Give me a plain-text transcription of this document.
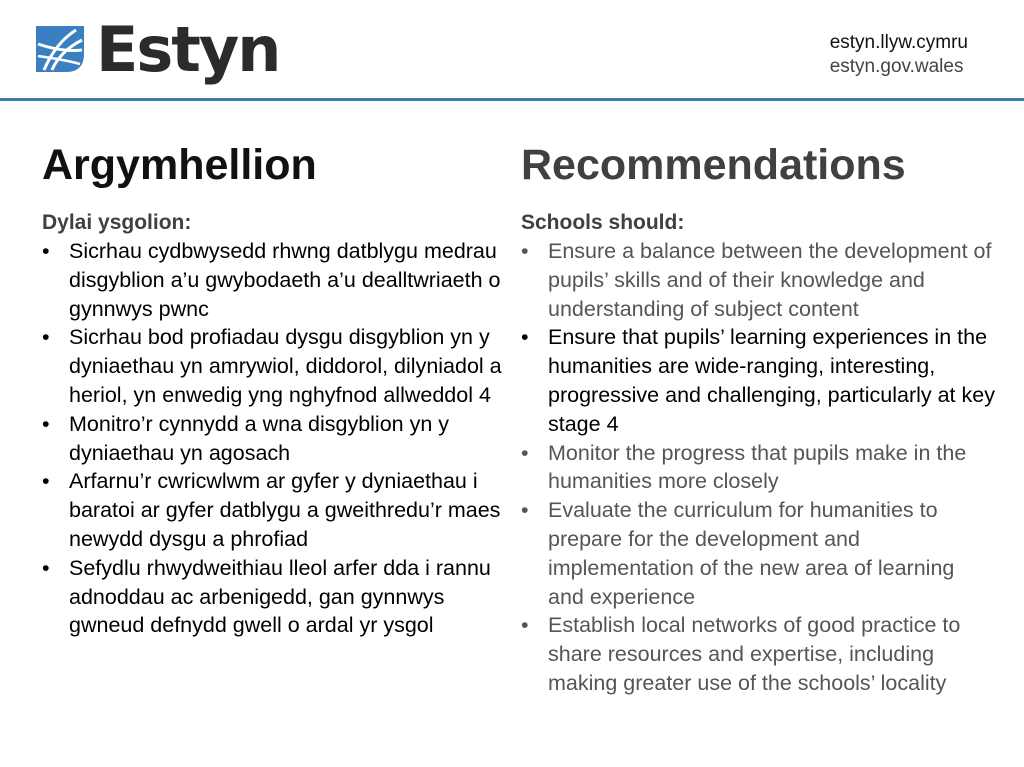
Estyn	estyn.llyw.cymru
estyn.gov.wales
Argymhellion

Dylai ysgolion:

• Sicrhau cydbwysedd rhwng datblygu medrau disgyblion a’u gwybodaeth a’u dealltwriaeth o gynnwys pwnc
• Sicrhau bod profiadau dysgu disgyblion yn y dyniaethau yn amrywiol, diddorol, dilyniadol a heriol, yn enwedig yng nghyfnod allweddol 4
• Monitro’r cynnydd a wna disgyblion yn y dyniaethau yn agosach
• Arfarnu’r cwricwlwm ar gyfer y dyniaethau i baratoi ar gyfer datblygu a gweithredu’r maes newydd dysgu a phrofiad
• Sefydlu rhwydweithiau lleol arfer dda i rannu adnoddau ac arbenigedd, gan gynnwys gwneud defnydd gwell o ardal yr ysgol
Recommendations

Schools should:

• Ensure a balance between the development of pupils’ skills and of their knowledge and understanding of subject content
• Ensure that pupils’ learning experiences in the humanities are wide-ranging, interesting, progressive and challenging, particularly at key stage 4
• Monitor the progress that pupils make in the humanities more closely
• Evaluate the curriculum for humanities to prepare for the development and implementation of the new area of learning and experience
• Establish local networks of good practice to share resources and expertise, including making greater use of the schools’ locality
